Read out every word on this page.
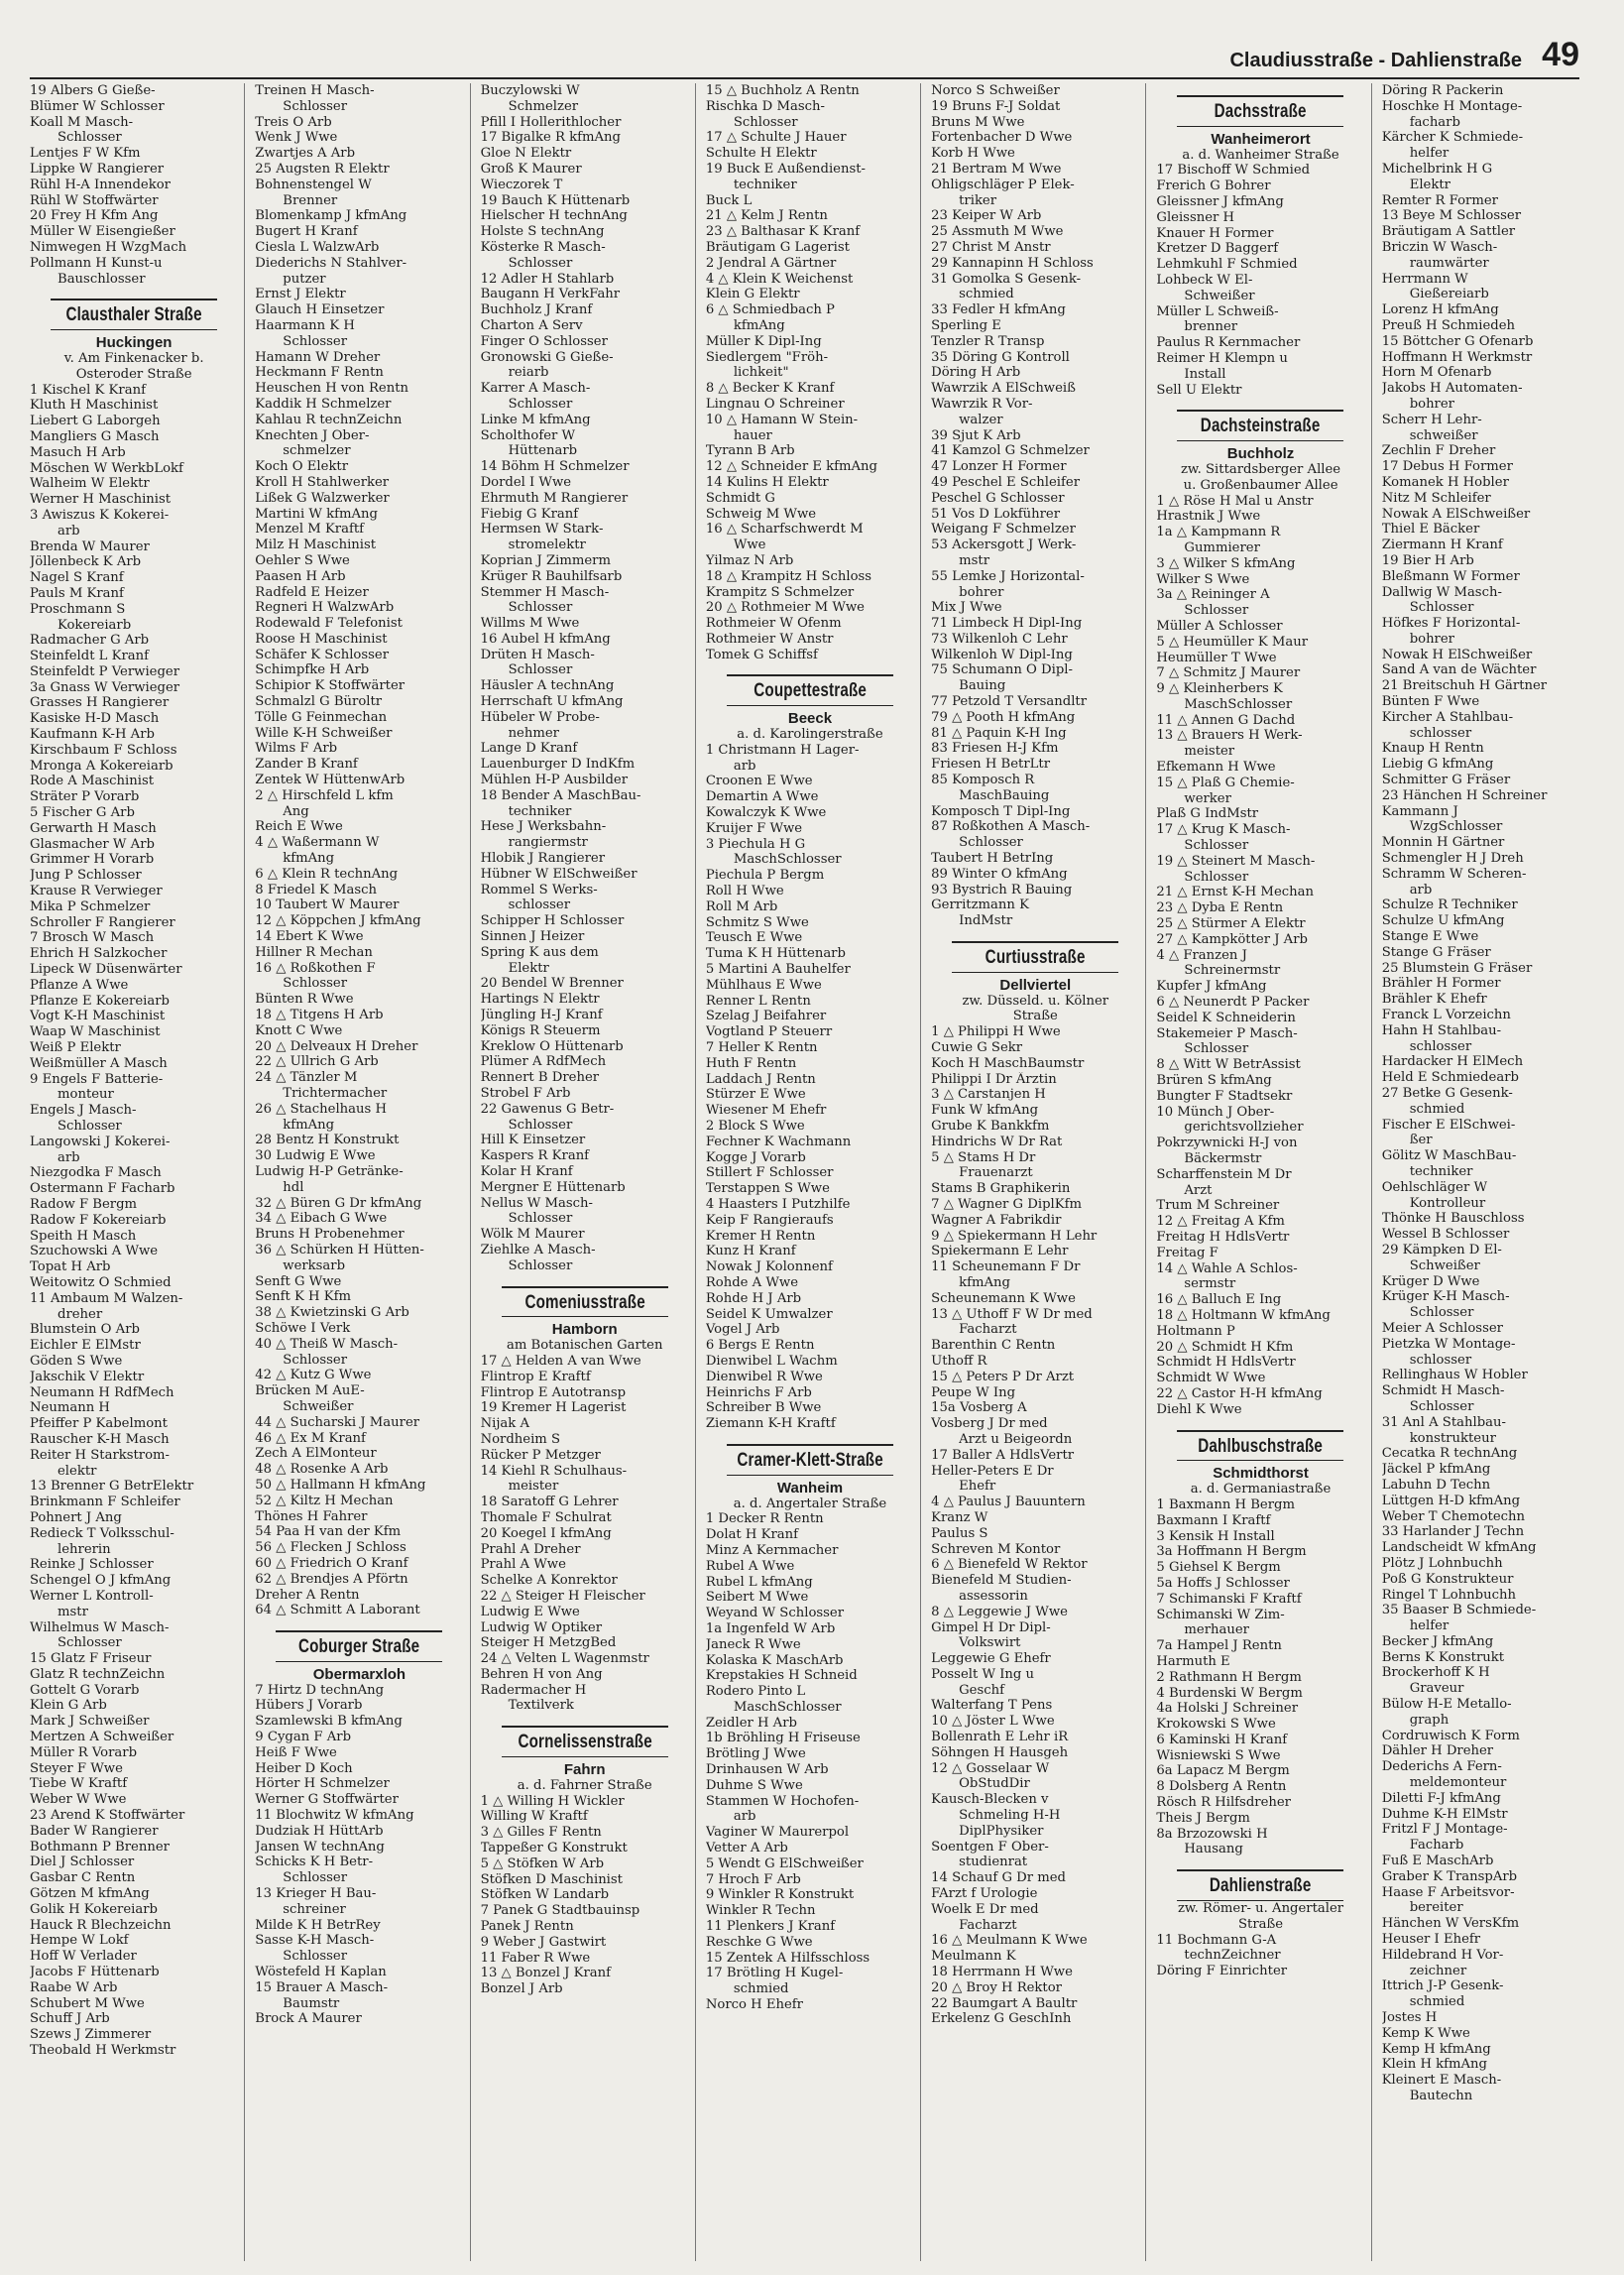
Claudiusstraße - Dahlienstraße 49
19 Albers G Gieße-
Blümer W Schlosser
Koall M Masch-
Schlosser
Lentjes F W Kfm
Lippke W Rangierer
Rühl H-A Innendekor
Rühl W Stoffwärter
20 Frey H Kfm Ang
Müller W Eisengießer
Nimwegen H WzgMach
Pollmann H Kunst-u
Bauschlosser
Clausthaler Straße
Huckingen
v. Am Finkenacker b.
Osteroder Straße
1 Kischel K Kranf
Kluth H Maschinist
Liebert G Laborgeh
Mangliers G Masch
Masuch H Arb
Möschen W WerkbLokf
Walheim W Elektr
Werner H Maschinist
3 Awiszus K Kokerei-
arb
Brenda W Maurer
Jöllenbeck K Arb
Nagel S Kranf
Pauls M Kranf
Proschmann S
Kokereiarb
Radmacher G Arb
Steinfeldt L Kranf
Steinfeldt P Verwieger
3a Gnass W Verwieger
Grasses H Rangierer
Kasiske H-D Masch
Kaufmann K-H Arb
Kirschbaum F Schloss
Mronga A Kokereiarb
Rode A Maschinist
Sträter P Vorarb
5 Fischer G Arb
Gerwarth H Masch
Glasmacher W Arb
Grimmer H Vorarb
Jung P Schlosser
Krause R Verwieger
Mika P Schmelzer
Schroller F Rangierer
7 Brosch W Masch
Ehrich H Salzkocher
Lipeck W Düsenwärter
Pflanze A Wwe
Pflanze E Kokereiarb
Vogt K-H Maschinist
Waap W Maschinist
Weiß P Elektr
Weißmüller A Masch
9 Engels F Batterie-
monteur
Engels J Masch-
Schlosser
Langowski J Kokerei-
arb
Niezgodka F Masch
Ostermann F Facharb
Radow F Bergm
Radow F Kokereiarb
Speith H Masch
Szuchowski A Wwe
Topat H Arb
Weitowitz O Schmied
11 Ambaum M Walzen-
dreher
Blumstein O Arb
Eichler E ElMstr
Göden S Wwe
Jakschik V Elektr
Neumann H RdfMech
Neumann H
Pfeiffer P Kabelmont
Rauscher K-H Masch
Reiter H Starkstrom-
elektr
13 Brenner G BetrElektr
Brinkmann F Schleifer
Pohnert J Ang
Redieck T Volksschul-
lehrerin
Reinke J Schlosser
Schengel O J kfmAng
Werner L Kontroll-
mstr
Wilhelmus W Masch-
Schlosser
15 Glatz F Friseur
Glatz R technZeichn
Gottelt G Vorarb
Klein G Arb
Mark J Schweißer
Mertzen A Schweißer
Müller R Vorarb
Steyer F Wwe
Tiebe W Kraftf
Weber W Wwe
23 Arend K Stoffwärter
Bader W Rangierer
Bothmann P Brenner
Diel J Schlosser
Gasbar C Rentn
Götzen M kfmAng
Golik H Kokereiarb
Hauck R Blechzeichn
Hempe W Lokf
Hoff W Verlader
Jacobs F Hüttenarb
Raabe W Arb
Schubert M Wwe
Schuff J Arb
Szews J Zimmerer
Theobald H Werkmstr
Treinen H Masch-
Schlosser
Treis O Arb
Wenk J Wwe
Zwartjes A Arb
25 Augsten R Elektr
Bohnenstengel W
Brenner
Blomenkamp J kfmAng
Bugert H Kranf
Ciesla L WalzwArb
Diederichs N Stahlver-
putzer
Ernst J Elektr
Glauch H Einsetzer
Haarmann K H
Schlosser
Hamann W Dreher
Heckmann F Rentn
Heuschen H von Rentn
Kaddik H Schmelzer
Kahlau R technZeichn
Knechten J Ober-
schmelzer
Koch O Elektr
Kroll H Stahlwerker
Lißek G Walzwerker
Martini W kfmAng
Menzel M Kraftf
Milz H Maschinist
Oehler S Wwe
Paasen H Arb
Radfeld E Heizer
Regneri H WalzwArb
Rodewald F Telefonist
Roose H Maschinist
Schäfer K Schlosser
Schimpfke H Arb
Schipior K Stoffwärter
Schmalzl G Büroltr
Tölle G Feinmechan
Wille K-H Schweißer
Wilms F Arb
Zander B Kranf
Zentek W HüttenwArb
2 △ Hirschfeld L kfm
Ang
Reich E Wwe
4 △ Waßermann W
kfmAng
6 △ Klein R technAng
8 Friedel K Masch
10 Taubert W Maurer
12 △ Köppchen J kfmAng
14 Ebert K Wwe
Hillner R Mechan
16 △ Roßkothen F
Schlosser
Bünten R Wwe
18 △ Titgens H Arb
Knott C Wwe
20 △ Delveaux H Dreher
22 △ Ullrich G Arb
24 △ Tänzler M
Trichtermacher
26 △ Stachelhaus H
kfmAng
28 Bentz H Konstrukt
30 Ludwig E Wwe
Ludwig H-P Getränke-
hdl
32 △ Büren G Dr kfmAng
34 △ Eibach G Wwe
Bruns H Probenehmer
36 △ Schürken H Hütten-
werksarb
Senft G Wwe
Senft K H Kfm
38 △ Kwietzinski G Arb
Schöwe I Verk
40 △ Theiß W Masch-
Schlosser
42 △ Kutz G Wwe
Brücken M AuE-
Schweißer
44 △ Sucharski J Maurer
46 △ Ex M Kranf
Zech A ElMonteur
48 △ Rosenke A Arb
50 △ Hallmann H kfmAng
52 △ Kiltz H Mechan
Thönes H Fahrer
54 Paa H van der Kfm
56 △ Flecken J Schloss
60 △ Friedrich O Kranf
62 △ Brendjes A Pförtn
Dreher A Rentn
64 △ Schmitt A Laborant
Coburger Straße
Obermarxloh
7 Hirtz D technAng
Hübers J Vorarb
Szamlewski B kfmAng
9 Cygan F Arb
Heiß F Wwe
Heiber D Koch
Hörter H Schmelzer
Werner G Stoffwärter
11 Blochwitz W kfmAng
Dudziak H HüttArb
Jansen W technAng
Schicks K H Betr-
Schlosser
13 Krieger H Bau-
schreiner
Milde K H BetrRey
Sasse K-H Masch-
Schlosser
Wöstefeld H Kaplan
15 Brauer A Masch-
Baumstr
Brock A Maurer
Buczylowski W
Schmelzer
Pfill I Hollerithlocher
17 Bigalke R kfmAng
Gloe N Elektr
Groß K Maurer
Wieczorek T
19 Bauch K Hüttenarb
Hielscher H technAng
Holste S technAng
Kösterke R Masch-
Schlosser
12 Adler H Stahlarb
Baugann H VerkFahr
Buchholz J Kranf
Charton A Serv
Finger O Schlosser
Gronowski G Gieße-
reiarb
Karrer A Masch-
Schlosser
Linke M kfmAng
Scholthofer W
Hüttenarb
14 Böhm H Schmelzer
Dordel I Wwe
Ehrmuth M Rangierer
Fiebig G Kranf
Hermsen W Stark-
stromelektr
Koprian J Zimmerm
Krüger R Bauhilfsarb
Stemmer H Masch-
Schlosser
Willms M Wwe
16 Aubel H kfmAng
Drüten H Masch-
Schlosser
Häusler A technAng
Herrschaft U kfmAng
Hübeler W Probe-
nehmer
Lange D Kranf
Lauenburger D IndKfm
Mühlen H-P Ausbilder
18 Bender A MaschBau-
techniker
Hese J Werksbahn-
rangiermstr
Hlobik J Rangierer
Hübner W ElSchweißer
Rommel S Werks-
schlosser
Schipper H Schlosser
Sinnen J Heizer
Spring K aus dem
Elektr
20 Bendel W Brenner
Hartings N Elektr
Jüngling H-J Kranf
Königs R Steuerm
Kreklow O Hüttenarb
Plümer A RdfMech
Rennert B Dreher
Strobel F Arb
22 Gawenus G Betr-
Schlosser
Hill K Einsetzer
Kaspers R Kranf
Kolar H Kranf
Mergner E Hüttenarb
Nellus W Masch-
Schlosser
Wölk M Maurer
Ziehlke A Masch-
Schlosser
Comeniusstraße
Hamborn
am Botanischen Garten
17 △ Helden A van Wwe
Flintrop E Kraftf
Flintrop E Autotransp
19 Kremer H Lagerist
Nijak A
Nordheim S
Rücker P Metzger
14 Kiehl R Schulhaus-
meister
18 Saratoff G Lehrer
Thomale F Schulrat
20 Koegel I kfmAng
Prahl A Dreher
Prahl A Wwe
Schelke A Konrektor
22 △ Steiger H Fleischer
Ludwig E Wwe
Ludwig W Optiker
Steiger H MetzgBed
24 △ Velten L Wagenmstr
Behren H von Ang
Radermacher H
Textilverk
Cornelissenstraße
Fahrn
a. d. Fahrner Straße
1 △ Willing H Wickler
Willing W Kraftf
3 △ Gilles F Rentn
Tappeßer G Konstrukt
5 △ Stöfken W Arb
Stöfken D Maschinist
Stöfken W Landarb
7 Panek G Stadtbauinsp
Panek J Rentn
9 Weber J Gastwirt
11 Faber R Wwe
13 △ Bonzel J Kranf
Bonzel J Arb
15 △ Buchholz A Rentn
Rischka D Masch-
Schlosser
17 △ Schulte J Hauer
Schulte H Elektr
19 Buck E Außendienst-
techniker
Buck L
21 △ Kelm J Rentn
23 △ Balthasar K Kranf
Bräutigam G Lagerist
2 Jendral A Gärtner
4 △ Klein K Weichenst
Klein G Elektr
6 △ Schmiedbach P
kfmAng
Müller K Dipl-Ing
Siedlergem "Fröh-
lichkeit"
8 △ Becker K Kranf
Lingnau O Schreiner
10 △ Hamann W Stein-
hauer
Tyrann B Arb
12 △ Schneider E kfmAng
14 Kulins H Elektr
Schmidt G
Schweig M Wwe
16 △ Scharfschwerdt M
Wwe
Yilmaz N Arb
18 △ Krampitz H Schloss
Krampitz S Schmelzer
20 △ Rothmeier M Wwe
Rothmeier W Ofenm
Rothmeier W Anstr
Tomek G Schiffsf
Coupettestraße
Beeck
a. d. Karolingerstraße
1 Christmann H Lager-
arb
Croonen E Wwe
Demartin A Wwe
Kowalczyk K Wwe
Kruijer F Wwe
3 Piechula H G
MaschSchlosser
Piechula P Bergm
Roll H Wwe
Roll M Arb
Schmitz S Wwe
Teusch E Wwe
Tuma K H Hüttenarb
5 Martini A Bauhelfer
Mühlhaus E Wwe
Renner L Rentn
Szelag J Beifahrer
Vogtland P Steuerr
7 Heller K Rentn
Huth F Rentn
Laddach J Rentn
Stürzer E Wwe
Wiesener M Ehefr
2 Block S Wwe
Fechner K Wachmann
Kogge J Vorarb
Stillert F Schlosser
Terstappen S Wwe
4 Haasters I Putzhilfe
Keip F Rangieraufs
Kremer H Rentn
Kunz H Kranf
Nowak J Kolonnenf
Rohde A Wwe
Rohde H J Arb
Seidel K Umwalzer
Vogel J Arb
6 Bergs E Rentn
Dienwibel L Wachm
Dienwibel R Wwe
Heinrichs F Arb
Schreiber B Wwe
Ziemann K-H Kraftf
Cramer-Klett-Straße
Wanheim
a. d. Angertaler Straße
1 Decker R Rentn
Dolat H Kranf
Minz A Kernmacher
Rubel A Wwe
Rubel L kfmAng
Seibert M Wwe
Weyand W Schlosser
1a Ingenfeld W Arb
Janeck R Wwe
Kolaska K MaschArb
Krepstakies H Schneid
Rodero Pinto L
MaschSchlosser
Zeidler H Arb
1b Bröhling H Friseuse
Brötling J Wwe
Drinhausen W Arb
Duhme S Wwe
Stammen W Hochofen-
arb
Vaginer W Maurerpol
Vetter A Arb
5 Wendt G ElSchweißer
7 Hroch F Arb
9 Winkler R Konstrukt
Winkler R Techn
11 Plenkers J Kranf
Reschke G Wwe
15 Zentek A Hilfsschloss
17 Brötling H Kugel-
schmied
Norco H Ehefr
Norco S Schweißer
19 Bruns F-J Soldat
Bruns M Wwe
Fortenbacher D Wwe
Korb H Wwe
21 Bertram M Wwe
Ohligschläger P Elek-
triker
23 Keiper W Arb
25 Assmuth M Wwe
27 Christ M Anstr
29 Kannapinn H Schloss
31 Gomolka S Gesenk-
schmied
33 Fedler H kfmAng
Sperling E
Tenzler R Transp
35 Döring G Kontroll
Döring H Arb
Wawrzik A ElSchweiß
Wawrzik R Vor-
walzer
39 Sjut K Arb
41 Kamzol G Schmelzer
47 Lonzer H Former
49 Peschel E Schleifer
Peschel G Schlosser
51 Vos D Lokführer
Weigang F Schmelzer
53 Ackersgott J Werk-
mstr
55 Lemke J Horizontal-
bohrer
Mix J Wwe
71 Limbeck H Dipl-Ing
73 Wilkenloh C Lehr
Wilkenloh W Dipl-Ing
75 Schumann O Dipl-
Bauing
77 Petzold T Versandltr
79 △ Pooth H kfmAng
81 △ Paquin K-H Ing
83 Friesen H-J Kfm
Friesen H BetrLtr
85 Komposch R
MaschBauing
Komposch T Dipl-Ing
87 Roßkothen A Masch-
Schlosser
Taubert H BetrIng
89 Winter O kfmAng
93 Bystrich R Bauing
Gerritzmann K
IndMstr
Curtiusstraße
Dellviertel
zw. Düsseld. u. Kölner
Straße
1 △ Philippi H Wwe
Cuwie G Sekr
Koch H MaschBaumstr
Philippi I Dr Ärztin
3 △ Carstanjen H
Funk W kfmAng
Grube K Bankkfm
Hindrichs W Dr Rat
5 △ Stams H Dr
Frauenarzt
Stams B Graphikerin
7 △ Wagner G DiplKfm
Wagner A Fabrikdir
9 △ Spiekermann H Lehr
Spiekermann E Lehr
11 Scheunemann F Dr
kfmAng
Scheunemann K Wwe
13 △ Uthoff F W Dr med
Facharzt
Barenthin C Rentn
Uthoff R
15 △ Peters P Dr Arzt
Peupe W Ing
15a Vosberg A
Vosberg J Dr med
Arzt u Beigeordn
17 Baller A HdlsVertr
Heller-Peters E Dr
Ehefr
4 △ Paulus J Bauuntern
Kranz W
Paulus S
Schreven M Kontor
6 △ Bienefeld W Rektor
Bienefeld M Studien-
assessorin
8 △ Leggewie J Wwe
Gimpel H Dr Dipl-
Volkswirt
Leggewie G Ehefr
Posselt W Ing u
Geschf
Walterfang T Pens
10 △ Jöster L Wwe
Bollenrath E Lehr iR
Söhngen H Hausgeh
12 △ Gosselaar W
ObStudDir
Kausch-Blecken v
Schmeling H-H
DiplPhysiker
Soentgen F Ober-
studienrat
14 Schauf G Dr med
FArzt f Urologie
Woelk E Dr med
Facharzt
16 △ Meulmann K Wwe
Meulmann K
18 Herrmann H Wwe
20 △ Broy H Rektor
22 Baumgart A Baultr
Erkelenz G GeschInh
Dachsstraße
Wanheimerort
a. d. Wanheimer Straße
17 Bischoff W Schmied
Frerich G Bohrer
Gleissner J kfmAng
Gleissner H
Knauer H Former
Kretzer D Baggerf
Lehmkuhl F Schmied
Lohbeck W El-
Schweißer
Müller L Schweiß-
brenner
Paulus R Kernmacher
Reimer H Klempn u
Install
Sell U Elektr
Dachsteinstraße
Buchholz
zw. Sittardsberger Allee
u. Großenbaumer Allee
1 △ Röse H Mal u Anstr
Hrastnik J Wwe
1a △ Kampmann R
Gummierer
3 △ Wilker S kfmAng
Wilker S Wwe
3a △ Reininger A
Schlosser
Müller A Schlosser
5 △ Heumüller K Maur
Heumüller T Wwe
7 △ Schmitz J Maurer
9 △ Kleinherbers K
MaschSchlosser
11 △ Annen G Dachd
13 △ Brauers H Werk-
meister
Efkemann H Wwe
15 △ Plaß G Chemie-
werker
Plaß G IndMstr
17 △ Krug K Masch-
Schlosser
19 △ Steinert M Masch-
Schlosser
21 △ Ernst K-H Mechan
23 △ Dyba E Rentn
25 △ Stürmer A Elektr
27 △ Kampkötter J Arb
4 △ Franzen J
Schreinermstr
Kupfer J kfmAng
6 △ Neunerdt P Packer
Seidel K Schneiderin
Stakemeier P Masch-
Schlosser
8 △ Witt W BetrAssist
Brüren S kfmAng
Bungter F Stadtsekr
10 Münch J Ober-
gerichtsvollzieher
Pokrzywnicki H-J von
Bäckermstr
Scharffenstein M Dr
Arzt
Trum M Schreiner
12 △ Freitag A Kfm
Freitag H HdlsVertr
Freitag F
14 △ Wahle A Schlos-
sermstr
16 △ Balluch E Ing
18 △ Holtmann W kfmAng
Holtmann P
20 △ Schmidt H Kfm
Schmidt H HdlsVertr
Schmidt W Wwe
22 △ Castor H-H kfmAng
Diehl K Wwe
Dahlbuschstraße
Schmidthorst
a. d. Germaniastraße
1 Baxmann H Bergm
Baxmann I Kraftf
3 Kensik H Install
3a Hoffmann H Bergm
5 Giehsel K Bergm
5a Hoffs J Schlosser
7 Schimanski F Kraftf
Schimanski W Zim-
merhauer
7a Hampel J Rentn
Harmuth E
2 Rathmann H Bergm
4 Burdenski W Bergm
4a Holski J Schreiner
Krokowski S Wwe
6 Kaminski H Kranf
Wisniewski S Wwe
6a Lapacz M Bergm
8 Dolsberg A Rentn
Rösch R Hilfsdreher
Theis J Bergm
8a Brzozowski H
Hausang
Dahlienstraße
zw. Römer- u. Angertaler
Straße
11 Bochmann G-A
technZeichner
Döring F Einrichter
Döring R Packerin
Hoschke H Montage-
facharb
Kärcher K Schmiede-
helfer
Michelbrink H G
Elektr
Remter R Former
13 Beye M Schlosser
Bräutigam A Sattler
Briczin W Wasch-
raumwärter
Herrmann W
Gießereiarb
Lorenz H kfmAng
Preuß H Schmiedeh
15 Böttcher G Ofenarb
Hoffmann H Werkmstr
Horn M Ofenarb
Jakobs H Automaten-
bohrer
Scherr H Lehr-
schweißer
Zechlin F Dreher
17 Debus H Former
Komanek H Hobler
Nitz M Schleifer
Nowak A ElSchweißer
Thiel E Bäcker
Ziermann H Kranf
19 Bier H Arb
Bleßmann W Former
Dallwig W Masch-
Schlosser
Höfkes F Horizontal-
bohrer
Nowak H ElSchweißer
Sand A van de Wächter
21 Breitschuh H Gärtner
Bünten F Wwe
Kircher A Stahlbau-
schlosser
Knaup H Rentn
Liebig G kfmAng
Schmitter G Fräser
23 Hänchen H Schreiner
Kammann J
WzgSchlosser
Monnin H Gärtner
Schmengler H J Dreh
Schramm W Scheren-
arb
Schulze R Techniker
Schulze U kfmAng
Stange E Wwe
Stange G Fräser
25 Blumstein G Fräser
Brähler H Former
Brähler K Ehefr
Franck L Vorzeichn
Hahn H Stahlbau-
schlosser
Hardacker H ElMech
Held E Schmiedearb
27 Betke G Gesenk-
schmied
Fischer E ElSchwei-
ßer
Gölitz W MaschBau-
techniker
Oehlschläger W
Kontrolleur
Thönke H Bauschloss
Wessel B Schlosser
29 Kämpken D El-
Schweißer
Krüger D Wwe
Krüger K-H Masch-
Schlosser
Meier A Schlosser
Pietzka W Montage-
schlosser
Rellinghaus W Hobler
Schmidt H Masch-
Schlosser
31 Anl A Stahlbau-
konstrukteur
Cecatka R technAng
Jäckel P kfmAng
Labuhn D Techn
Lüttgen H-D kfmAng
Weber T Chemotechn
33 Harlander J Techn
Landscheidt W kfmAng
Plötz J Lohnbuchh
Poß G Konstrukteur
Ringel T Lohnbuchh
35 Baaser B Schmiede-
helfer
Becker J kfmAng
Berns K Konstrukt
Brockerhoff K H
Graveur
Bülow H-E Metallo-
graph
Cordruwisch K Form
Dähler H Dreher
Dederichs A Fern-
meldemonteur
Diletti F-J kfmAng
Duhme K-H ElMstr
Fritzl F J Montage-
Facharb
Fuß E MaschArb
Graber K TranspArb
Haase F Arbeitsvor-
bereiter
Hänchen W VersKfm
Heuser I Ehefr
Hildebrand H Vor-
zeichner
Ittrich J-P Gesenk-
schmied
Jostes H
Kemp K Wwe
Kemp H kfmAng
Klein H kfmAng
Kleinert E Masch-
Bautechn
